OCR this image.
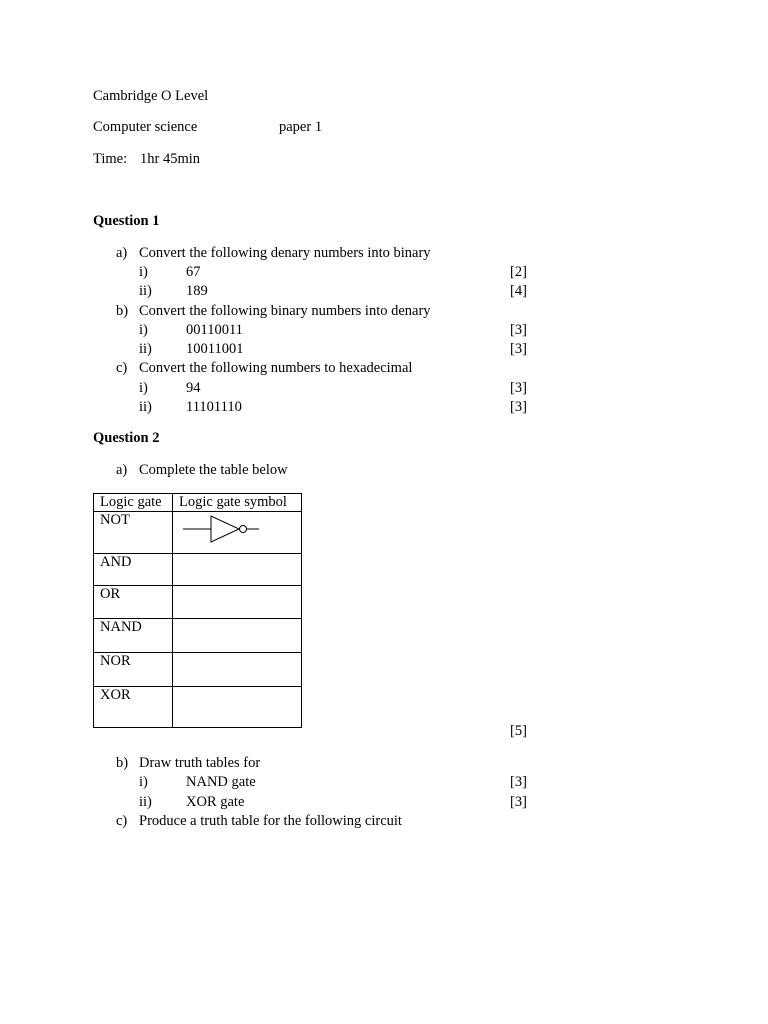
Cambridge O Level
Computer science	paper 1
Time: 1hr 45min
Question 1
a) Convert the following denary numbers into binary
i)	67	[2]
ii) 189	[4]
b) Convert the following binary numbers into denary
i)	00110011	[3]
ii) 10011001	[3]
c) Convert the following numbers to hexadecimal
i)	94	[3]
ii) 11101110	[3]
Question 2
a) Complete the table below
Logic gate	Logic gate symbol
NOT	
AND	
OR	
NAND	
NOR	
XOR	
[5]
b) Draw truth tables for
i)	NAND gate	[3]
ii) XOR gate	[3]
c) Produce a truth table for the following circuit
